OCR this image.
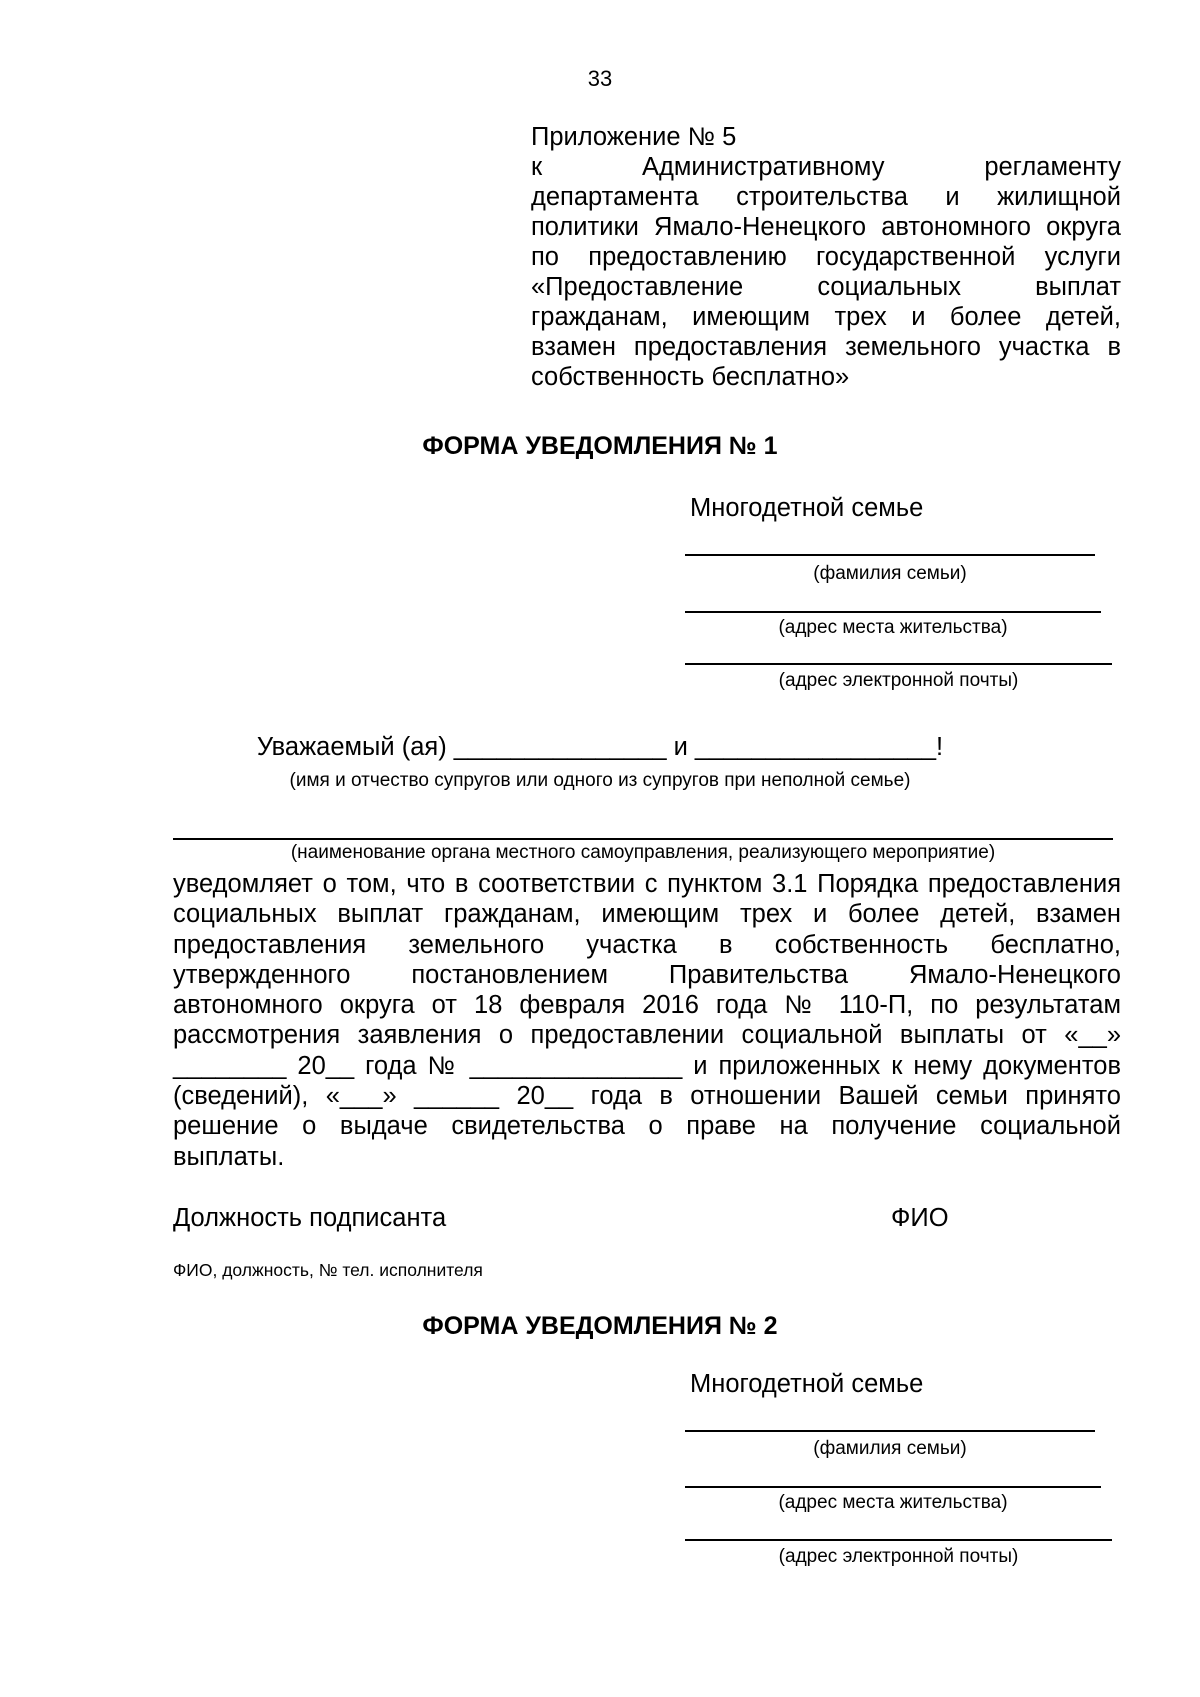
33
Приложение № 5
к Административному регламенту
департамента строительства и жилищной
политики Ямало-Ненецкого автономного округа
по предоставлению государственной услуги
«Предоставление социальных выплат
гражданам, имеющим трех и более детей,
взамен предоставления земельного участка в
собственность бесплатно»
ФОРМА УВЕДОМЛЕНИЯ № 1
Многодетной семье
(фамилия семьи)
(адрес места жительства)
(адрес электронной почты)
Уважаемый (ая) _______________ и _________________!
(имя и отчество супругов или одного из супругов при неполной семье)
(наименование органа местного самоуправления, реализующего мероприятие)
уведомляет о том, что в соответствии с пунктом 3.1 Порядка предоставления
социальных выплат гражданам, имеющим трех и более детей, взамен
предоставления земельного участка в собственность бесплатно,
утвержденного постановлением Правительства Ямало-Ненецкого
автономного округа от 18 февраля 2016 года № 110-П, по результатам
рассмотрения заявления о предоставлении социальной выплаты от «__»
________ 20__ года № _______________ и приложенных к нему документов
(сведений), «___» ______ 20__ года в отношении Вашей семьи принято
решение о выдаче свидетельства о праве на получение социальной
выплаты.
Должность подписанта	ФИО
ФИО, должность, № тел. исполнителя
ФОРМА УВЕДОМЛЕНИЯ № 2
Многодетной семье
(фамилия семьи)
(адрес места жительства)
(адрес электронной почты)
